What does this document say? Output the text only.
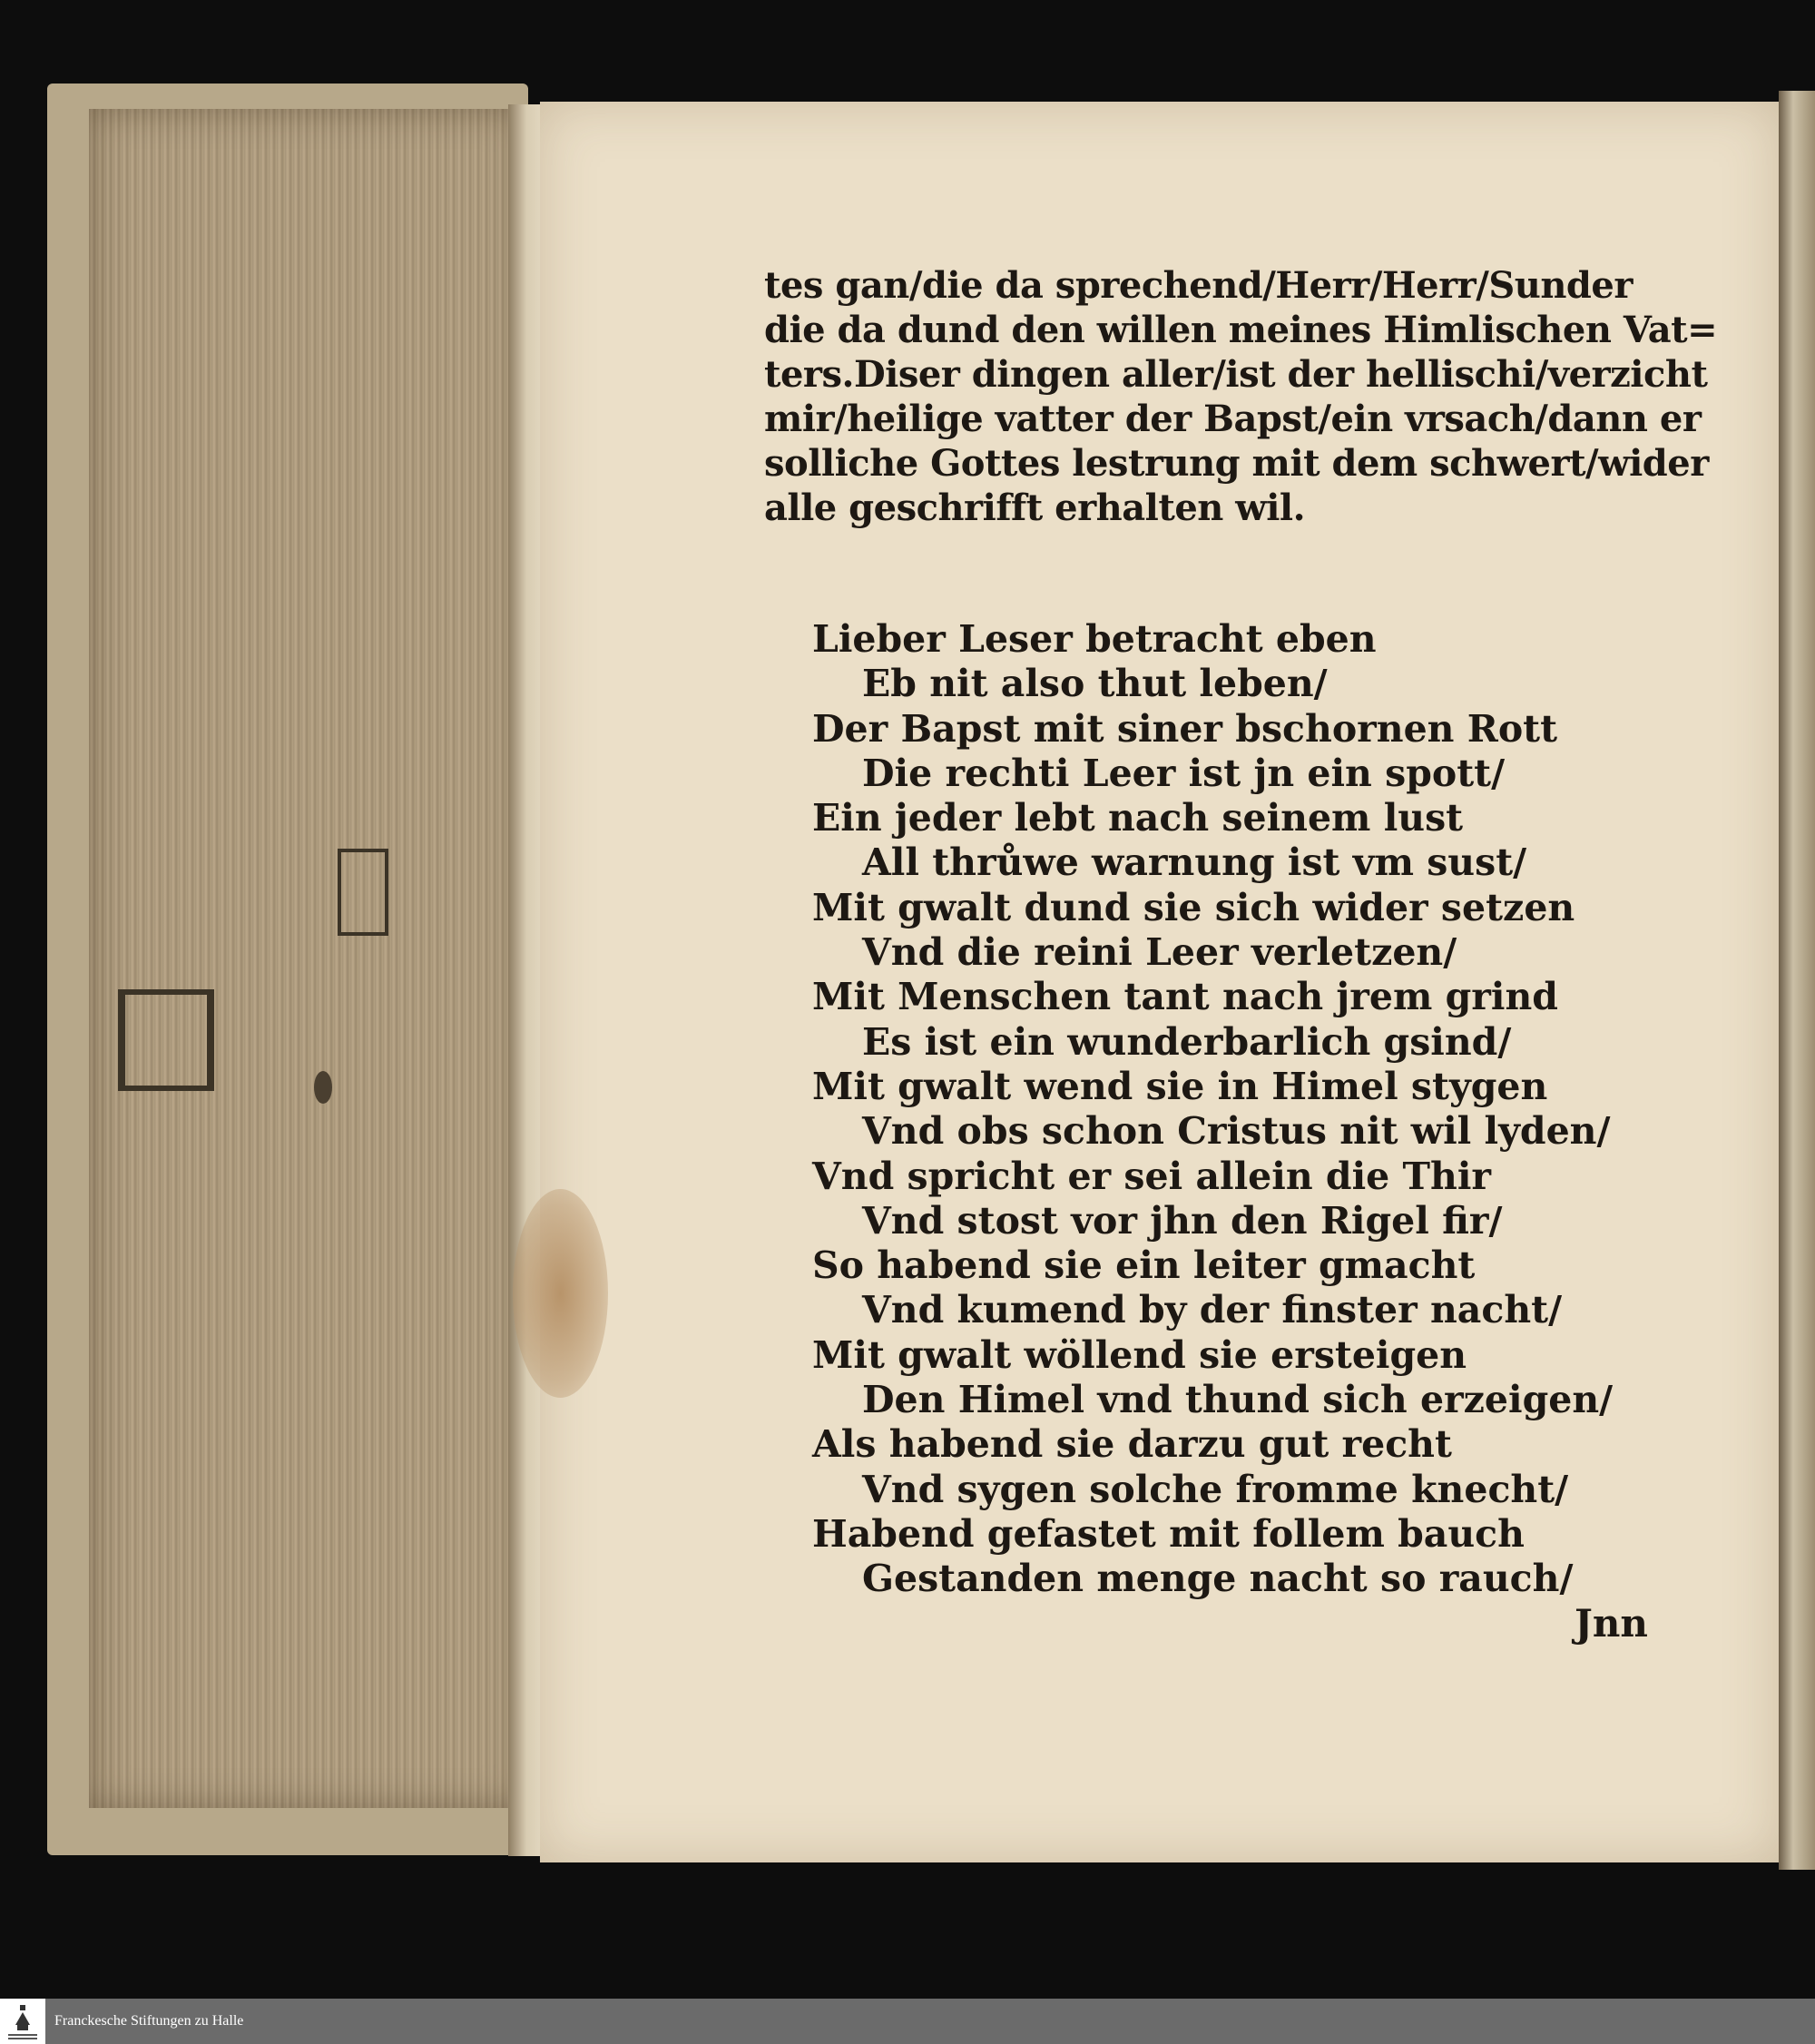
tes gan/die da sprechend/Herr/Herr/Sunder
die da dund den willen meines Himlischen Vat=
ters.Diser dingen aller/ist der hellischi/verzicht
mir/heilige vatter der Bapst/ein vrsach/dann er
solliche Gottes lestrung mit dem schwert/wider
alle geschrifft erhalten wil.
Lieber Leser betracht eben
Eb nit also thut leben/
Der Bapst mit siner bschornen Rott
Die rechti Leer ist jn ein spott/
Ein jeder lebt nach seinem lust
All thrůwe warnung ist vm sust/
Mit gwalt dund sie sich wider setzen
Vnd die reini Leer verletzen/
Mit Menschen tant nach jrem grind
Es ist ein wunderbarlich gsind/
Mit gwalt wend sie in Himel stygen
Vnd obs schon Cristus nit wil lyden/
Vnd spricht er sei allein die Thir
Vnd stost vor jhn den Rigel fir/
So habend sie ein leiter gmacht
Vnd kumend by der finster nacht/
Mit gwalt wöllend sie ersteigen
Den Himel vnd thund sich erzeigen/
Als habend sie darzu gut recht
Vnd sygen solche fromme knecht/
Habend gefastet mit follem bauch
Gestanden menge nacht so rauch/
Jnn
Franckesche Stiftungen zu Halle
